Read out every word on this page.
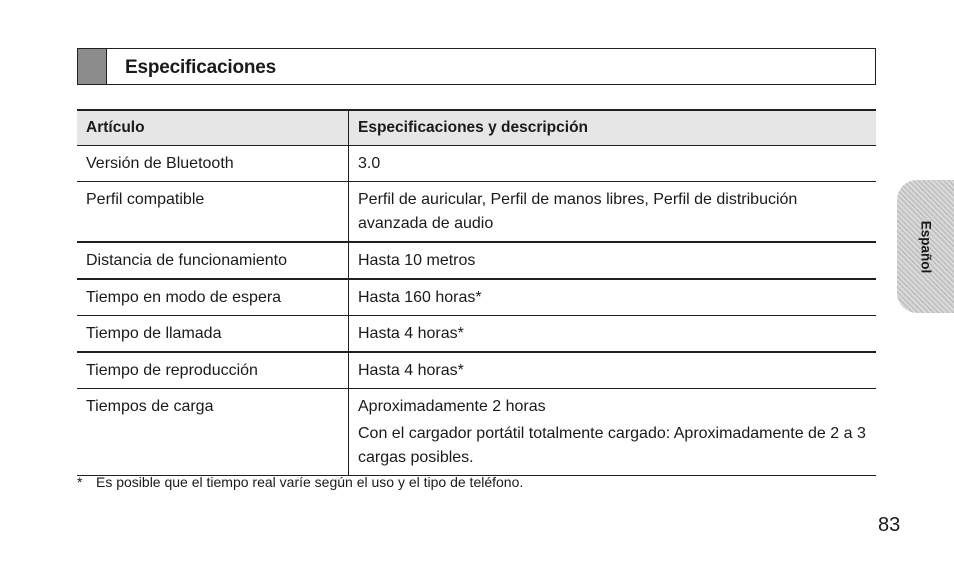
Especificaciones
Artículo	Especificaciones y descripción
Versión de Bluetooth	3.0
Perfil compatible	Perfil de auricular, Perfil de manos libres, Perfil de distribución avanzada de audio
Distancia de funcionamiento	Hasta 10 metros
Tiempo en modo de espera	Hasta 160 horas*
Tiempo de llamada	Hasta 4 horas*
Tiempo de reproducción	Hasta 4 horas*
Tiempos de carga	Aproximadamente 2 horas
Con el cargador portátil totalmente cargado: Aproximadamente de 2 a 3 cargas posibles.
* Es posible que el tiempo real varíe según el uso y el tipo de teléfono.
83
Español
